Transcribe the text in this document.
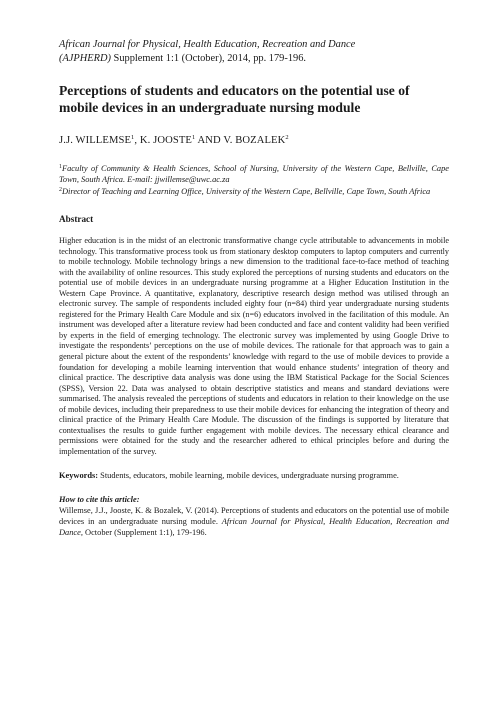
African Journal for Physical, Health Education, Recreation and Dance
(AJPHERD) Supplement 1:1 (October), 2014, pp. 179-196.

Perceptions of students and educators on the potential use of mobile devices in an undergraduate nursing module

J.J. WILLEMSE$^1$, K. JOOSTE$^1$ AND V. BOZALEK$^2$

$^1$Faculty of Community & Health Sciences, School of Nursing, University of the Western Cape, Bellville, Cape Town, South Africa. E-mail: jjwillemse@uwc.ac.za

$^2$Director of Teaching and Learning Office, University of the Western Cape, Bellville, Cape Town, South Africa

Abstract

Higher education is in the midst of an electronic transformative change cycle attributable to advancements in mobile technology. This transformative process took us from stationary desktop computers to laptop computers and currently to mobile technology. Mobile technology brings a new dimension to the traditional face-to-face method of teaching with the availability of online resources. This study explored the perceptions of nursing students and educators on the potential use of mobile devices in an undergraduate nursing programme at a Higher Education Institution in the Western Cape Province. A quantitative, explanatory, descriptive research design method was utilised through an electronic survey. The sample of respondents included eighty four (n=84) third year undergraduate nursing students registered for the Primary Health Care Module and six (n=6) educators involved in the facilitation of this module. An instrument was developed after a literature review had been conducted and face and content validity had been verified by experts in the field of emerging technology. The electronic survey was implemented by using Google Drive to investigate the respondents’ perceptions on the use of mobile devices. The rationale for that approach was to gain a general picture about the extent of the respondents’ knowledge with regard to the use of mobile devices to provide a foundation for developing a mobile learning intervention that would enhance students’ integration of theory and clinical practice. The descriptive data analysis was done using the IBM Statistical Package for the Social Sciences (SPSS), Version 22. Data was analysed to obtain descriptive statistics and means and standard deviations were summarised. The analysis revealed the perceptions of students and educators in relation to their knowledge on the use of mobile devices, including their preparedness to use their mobile devices for enhancing the integration of theory and clinical practice of the Primary Health Care Module. The discussion of the findings is supported by literature that contextualises the results to guide further engagement with mobile devices. The necessary ethical clearance and permissions were obtained for the study and the researcher adhered to ethical principles before and during the implementation of the survey.

Keywords: Students, educators, mobile learning, mobile devices, undergraduate nursing programme.

How to cite this article:

Willemse, J.J., Jooste, K. & Bozalek, V. (2014). Perceptions of students and educators on the potential use of mobile devices in an undergraduate nursing module. African Journal for Physical, Health Education, Recreation and Dance, October (Supplement 1:1), 179-196.
